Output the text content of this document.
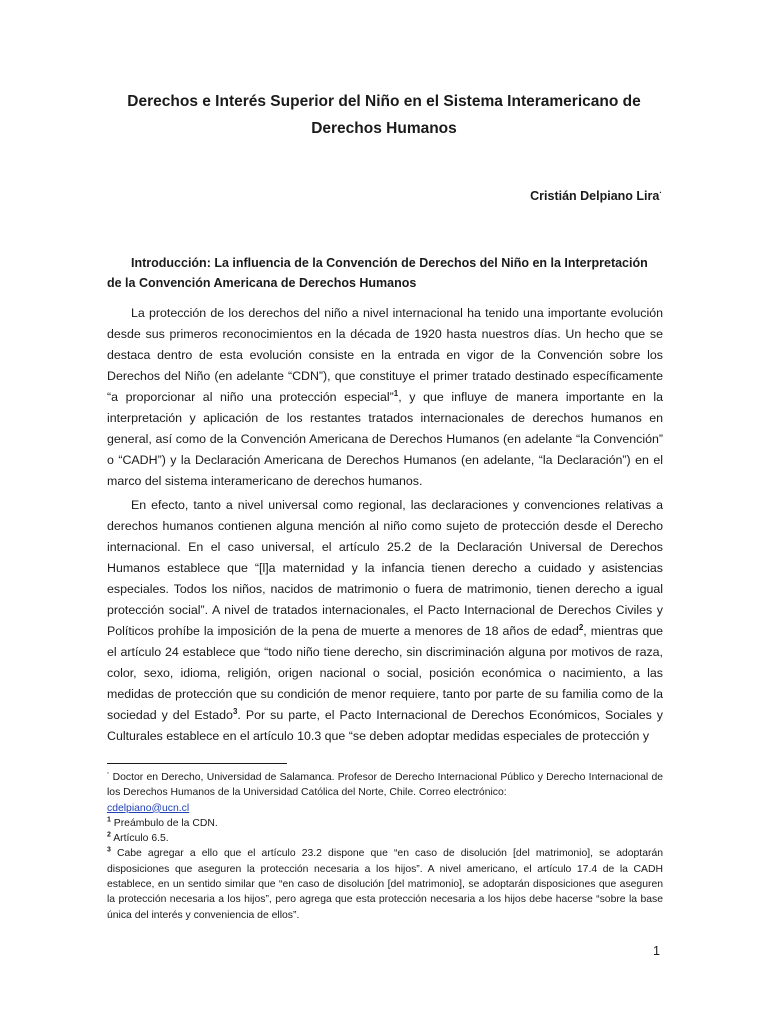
Derechos e Interés Superior del Niño en el Sistema Interamericano de Derechos Humanos
Cristián Delpiano Lira·
Introducción: La influencia de la Convención de Derechos del Niño en la Interpretación de la Convención Americana de Derechos Humanos

La protección de los derechos del niño a nivel internacional ha tenido una importante evolución desde sus primeros reconocimientos en la década de 1920 hasta nuestros días. Un hecho que se destaca dentro de esta evolución consiste en la entrada en vigor de la Convención sobre los Derechos del Niño (en adelante “CDN”), que constituye el primer tratado destinado específicamente “a proporcionar al niño una protección especial”$^1$, y que influye de manera importante en la interpretación y aplicación de los restantes tratados internacionales de derechos humanos en general, así como de la Convención Americana de Derechos Humanos (en adelante “la Convención” o “CADH”) y la Declaración Americana de Derechos Humanos (en adelante, “la Declaración”) en el marco del sistema interamericano de derechos humanos.

En efecto, tanto a nivel universal como regional, las declaraciones y convenciones relativas a derechos humanos contienen alguna mención al niño como sujeto de protección desde el Derecho internacional. En el caso universal, el artículo 25.2 de la Declaración Universal de Derechos Humanos establece que “[l]a maternidad y la infancia tienen derecho a cuidado y asistencias especiales. Todos los niños, nacidos de matrimonio o fuera de matrimonio, tienen derecho a igual protección social”. A nivel de tratados internacionales, el Pacto Internacional de Derechos Civiles y Políticos prohíbe la imposición de la pena de muerte a menores de 18 años de edad$^2$, mientras que el artículo 24 establece que “todo niño tiene derecho, sin discriminación alguna por motivos de raza, color, sexo, idioma, religión, origen nacional o social, posición económica o nacimiento, a las medidas de protección que su condición de menor requiere, tanto por parte de su familia como de la sociedad y del Estado$^3$. Por su parte, el Pacto Internacional de Derechos Económicos, Sociales y Culturales establece en el artículo 10.3 que “se deben adoptar medidas especiales de protección y

· Doctor en Derecho, Universidad de Salamanca. Profesor de Derecho Internacional Público y Derecho Internacional de los Derechos Humanos de la Universidad Católica del Norte, Chile. Correo electrónico:
cdelpiano@ucn.cl

$^1$ Preámbulo de la CDN.

$^2$ Artículo 6.5.

$^3$ Cabe agregar a ello que el artículo 23.2 dispone que “en caso de disolución [del matrimonio], se adoptarán disposiciones que aseguren la protección necesaria a los hijos”. A nivel americano, el artículo 17.4 de la CADH establece, en un sentido similar que “en caso de disolución [del matrimonio], se adoptarán disposiciones que aseguren la protección necesaria a los hijos”, pero agrega que esta protección necesaria a los hijos debe hacerse “sobre la base única del interés y conveniencia de ellos”.

1
